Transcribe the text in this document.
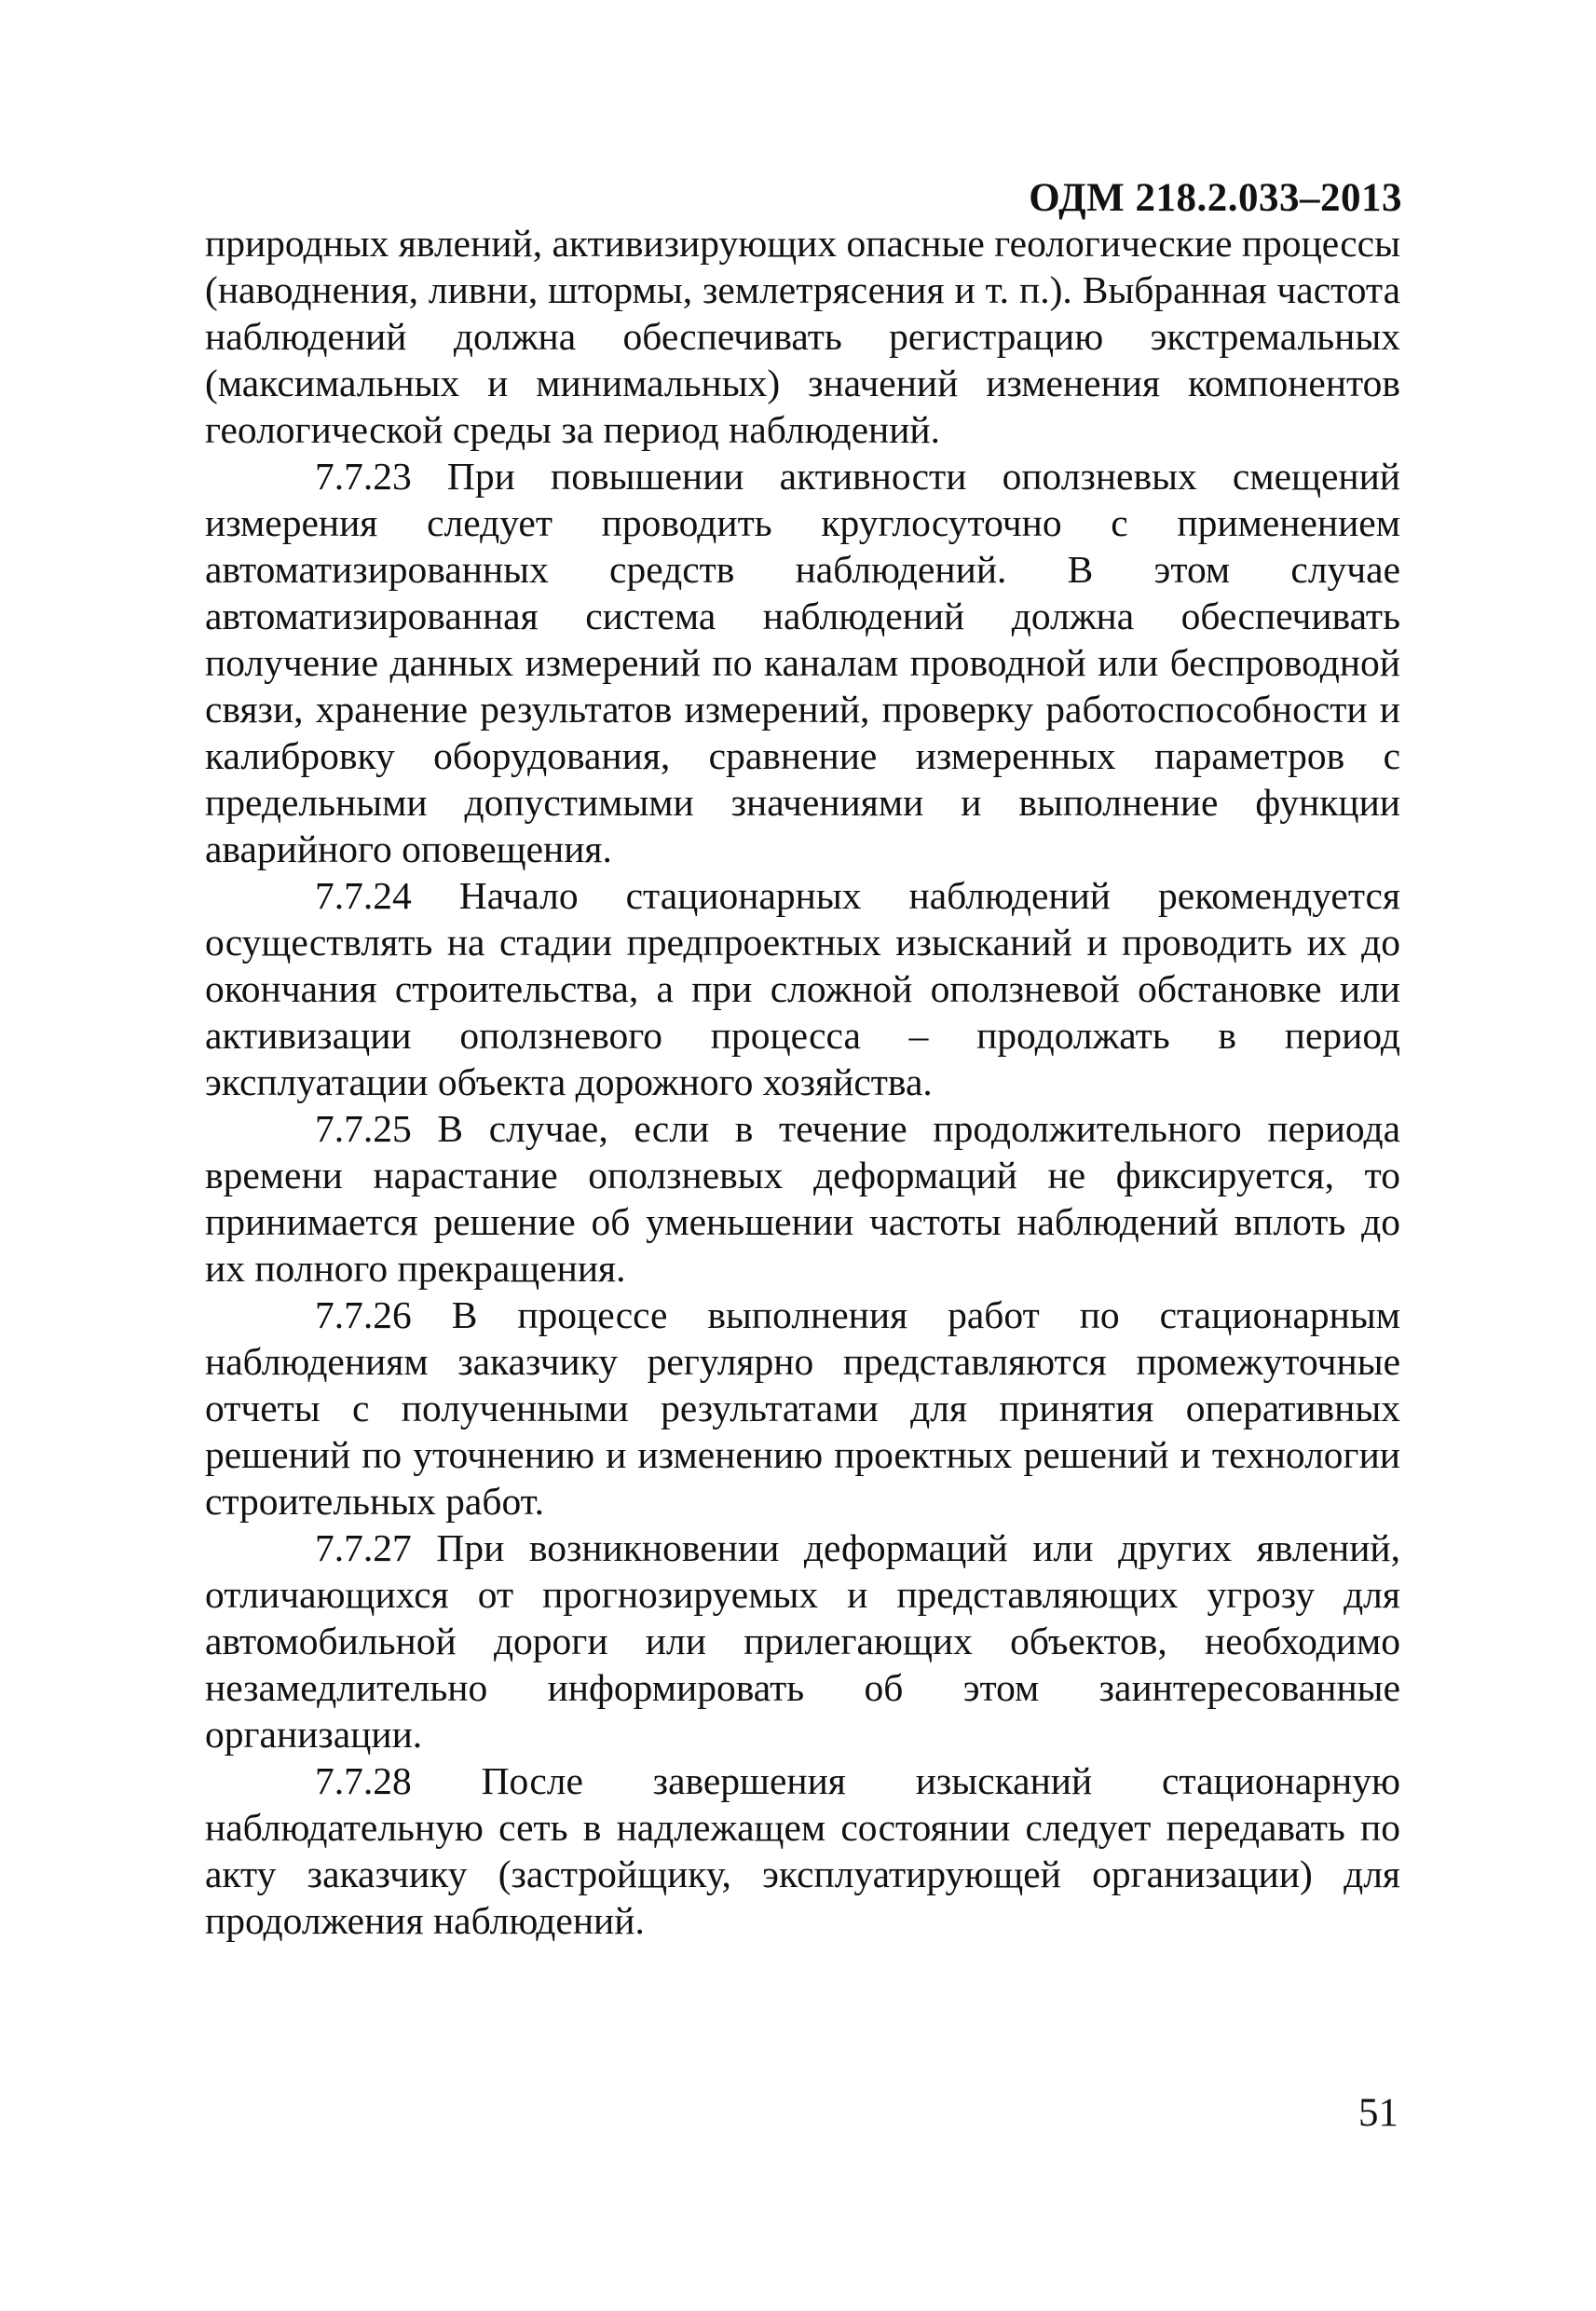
ОДМ 218.2.033–2013

природных явлений, активизирующих опасные геологические процессы (наводнения, ливни, штормы, землетрясения и т. п.). Выбранная частота наблюдений должна обеспечивать регистрацию экстремальных (максимальных и минимальных) значений изменения компонентов геологической среды за период наблюдений.

7.7.23 При повышении активности оползневых смещений измерения следует проводить круглосуточно с применением автоматизированных средств наблюдений. В этом случае автоматизированная система наблюдений должна обеспечивать получение данных измерений по каналам проводной или беспроводной связи, хранение результатов измерений, проверку работоспособности и калибровку оборудования, сравнение измеренных параметров с предельными допустимыми значениями и выполнение функции аварийного оповещения.

7.7.24 Начало стационарных наблюдений рекомендуется осуществлять на стадии предпроектных изысканий и проводить их до окончания строительства, а при сложной оползневой обстановке или активизации оползневого процесса – продолжать в период эксплуатации объекта дорожного хозяйства.

7.7.25 В случае, если в течение продолжительного периода времени нарастание оползневых деформаций не фиксируется, то принимается решение об уменьшении частоты наблюдений вплоть до их полного прекращения.

7.7.26 В процессе выполнения работ по стационарным наблюдениям заказчику регулярно представляются промежуточные отчеты с полученными результатами для принятия оперативных решений по уточнению и изменению проектных решений и технологии строительных работ.

7.7.27 При возникновении деформаций или других явлений, отличающихся от прогнозируемых и представляющих угрозу для автомобильной дороги или прилегающих объектов, необходимо незамедлительно информировать об этом заинтересованные организации.

7.7.28 После завершения изысканий стационарную наблюдательную сеть в надлежащем состоянии следует передавать по акту заказчику (застройщику, эксплуатирующей организации) для продолжения наблюдений.

51
